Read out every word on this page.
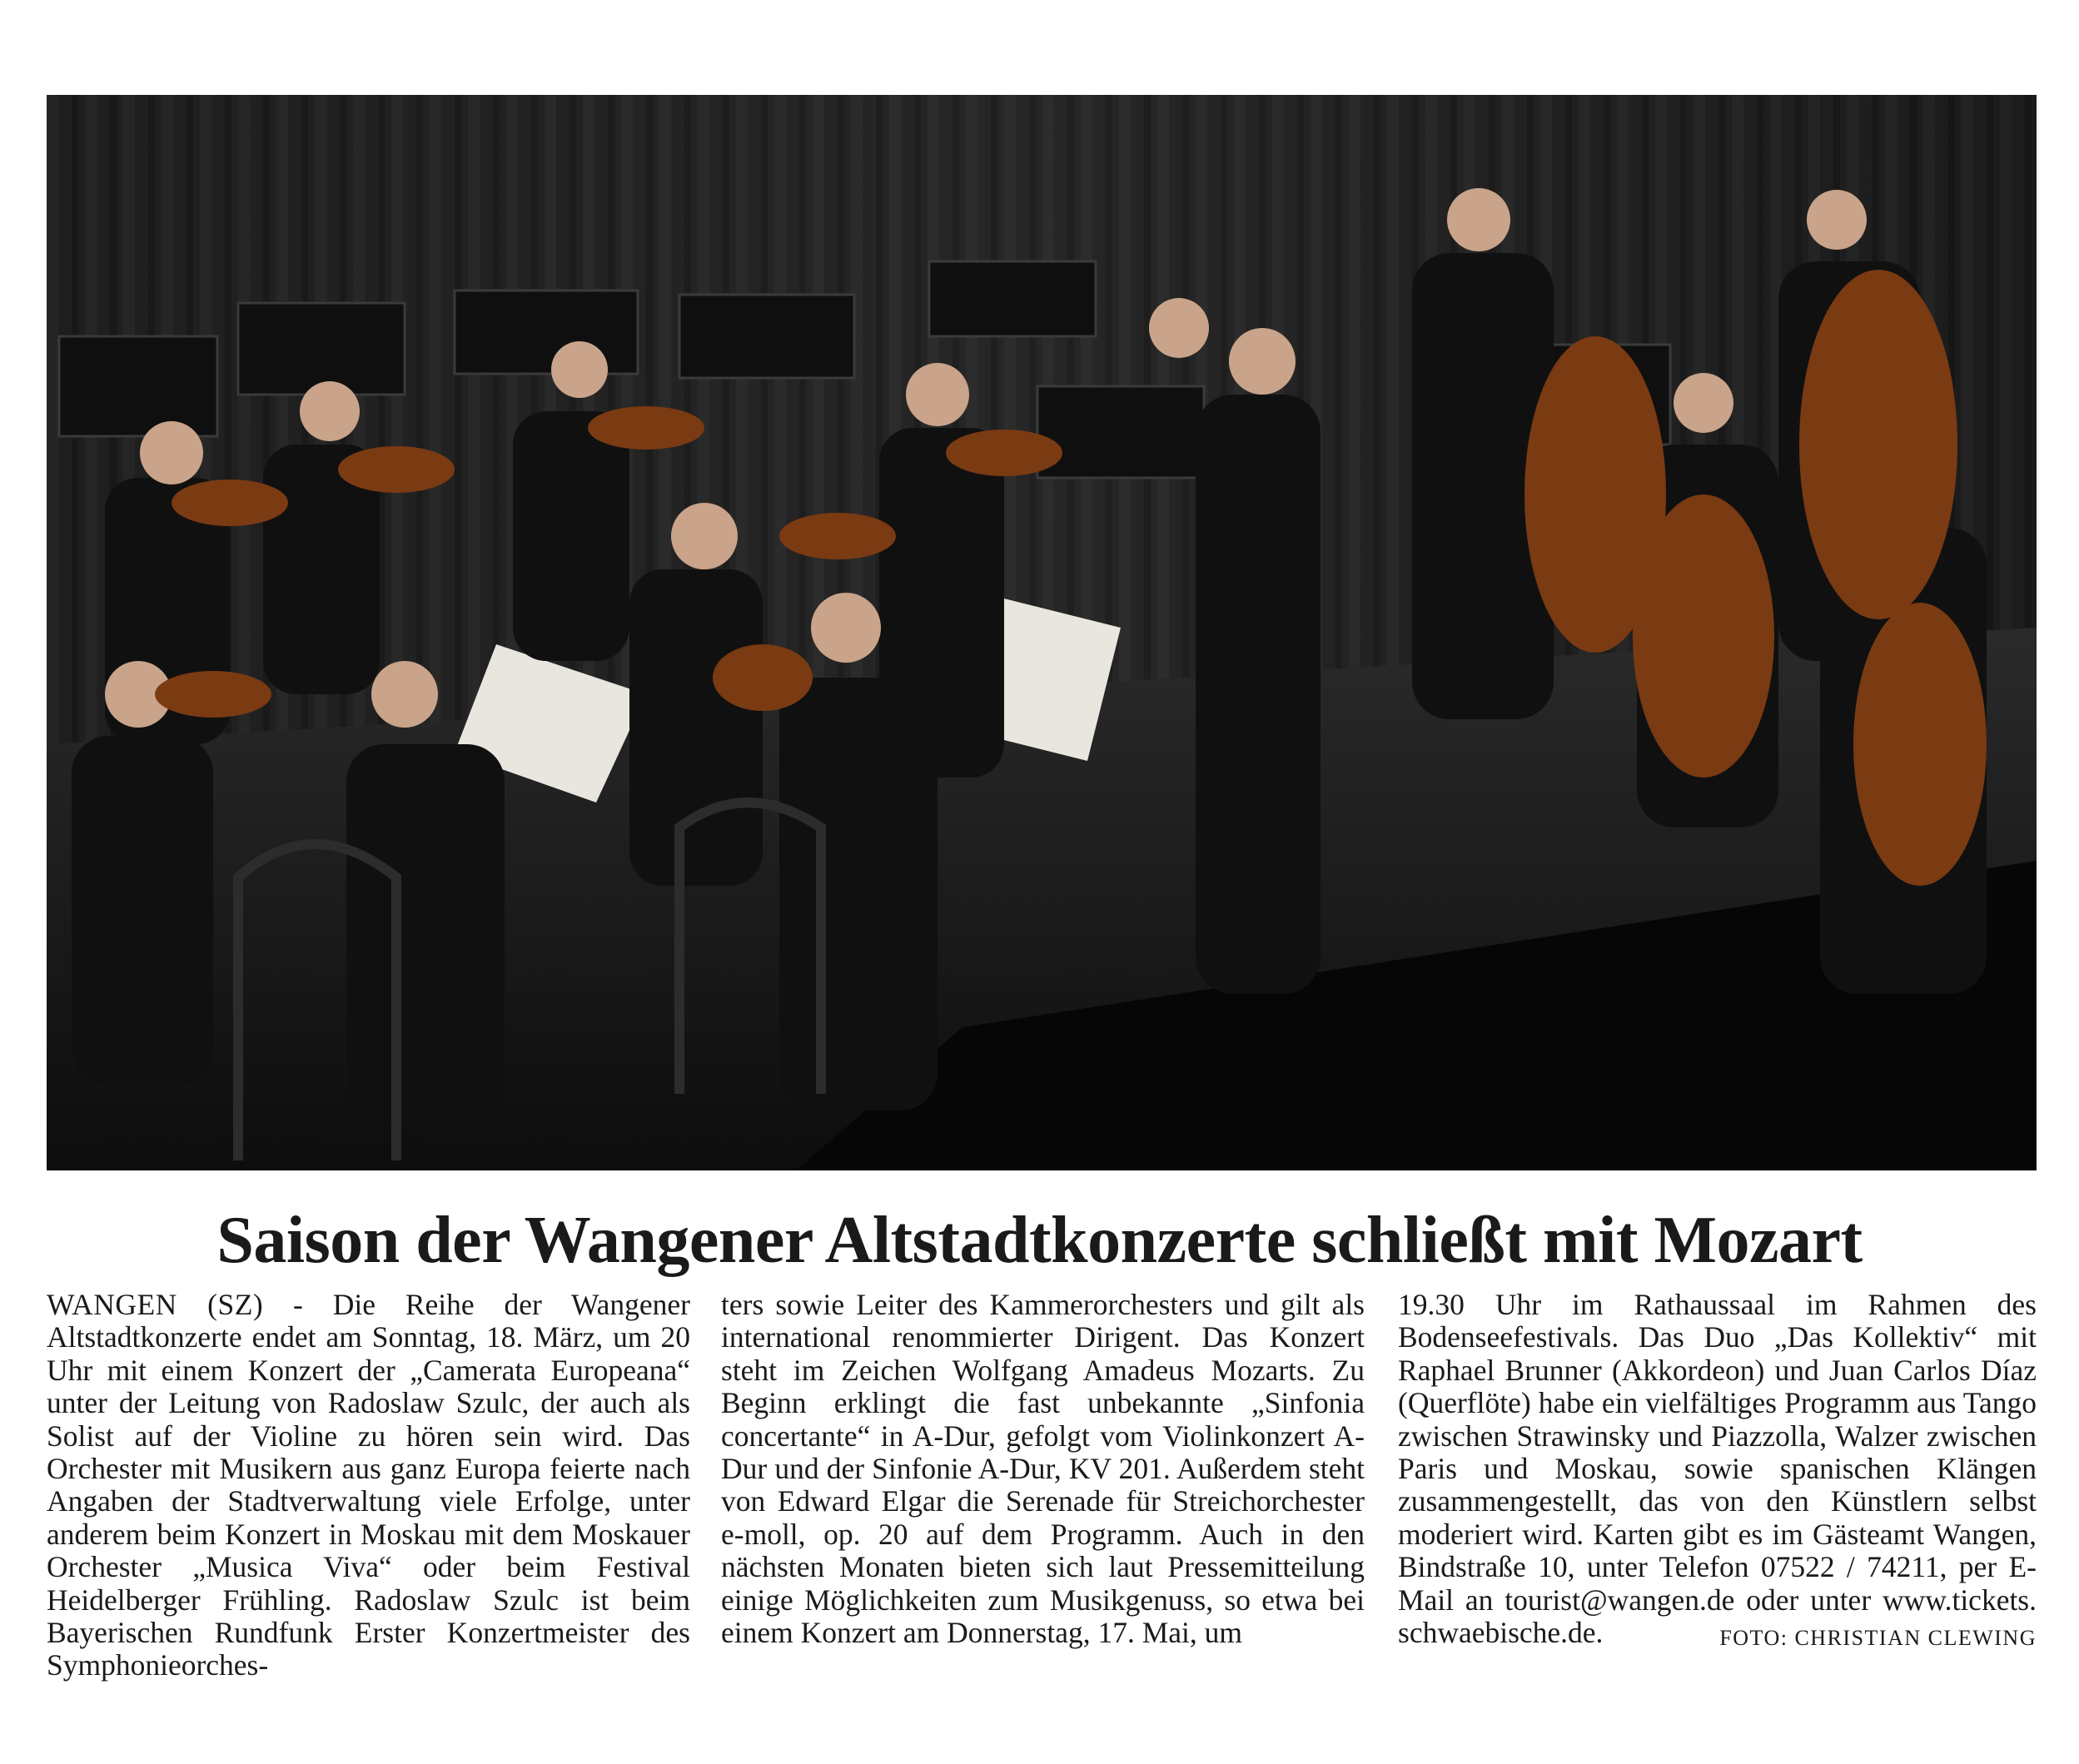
Saison der Wangener Altstadtkonzerte schließt mit Mozart

WANGEN (SZ) - Die Reihe der Wangener Altstadtkonzerte endet am Sonntag, 18. März, um 20 Uhr mit einem Konzert der „Camerata Europeana“ unter der Leitung von Radoslaw Szulc, der auch als Solist auf der Violine zu hören sein wird. Das Orchester mit Musikern aus ganz Europa feierte nach Angaben der Stadtverwaltung viele Erfolge, unter anderem beim Konzert in Moskau mit dem Moskauer Orchester „Musica Viva“ oder beim Festival Heidelberger Frühling. Radoslaw Szulc ist beim Bayerischen Rundfunk Erster Konzertmeister des Symphonieorches-

ters sowie Leiter des Kammerorchesters und gilt als international renommierter Dirigent. Das Konzert steht im Zeichen Wolfgang Amadeus Mozarts. Zu Beginn erklingt die fast unbekannte „Sinfonia concertante“ in A-Dur, gefolgt vom Violinkonzert A-Dur und der Sinfonie A-Dur, KV 201. Außerdem steht von Edward Elgar die Serenade für Streichorchester e-moll, op. 20 auf dem Programm. Auch in den nächsten Monaten bieten sich laut Pressemitteilung einige Möglichkeiten zum Musikgenuss, so etwa bei einem Konzert am Donnerstag, 17. Mai, um

19.30 Uhr im Rathaussaal im Rahmen des Bodenseefestivals. Das Duo „Das Kollektiv“ mit Raphael Brunner (Akkordeon) und Juan Carlos Díaz (Querflöte) habe ein vielfältiges Programm aus Tango zwischen Strawinsky und Piazzolla, Walzer zwischen Paris und Moskau, sowie spanischen Klängen zusammengestellt, das von den Künstlern selbst moderiert wird. Karten gibt es im Gästeamt Wangen, Bindstraße 10, unter Telefon 07522 / 74211, per E-Mail an tourist@wangen.de oder unter www.tickets. schwaebische.de.	FOTO: CHRISTIAN CLEWING
